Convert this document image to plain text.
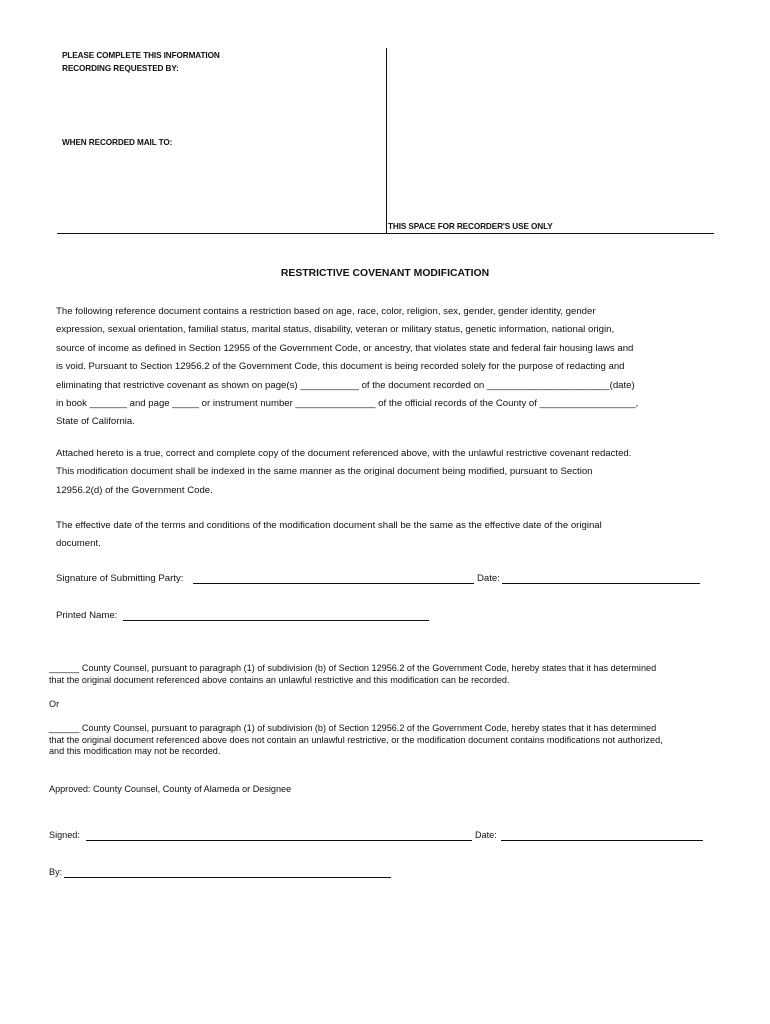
PLEASE COMPLETE THIS INFORMATION
RECORDING REQUESTED BY:
WHEN RECORDED MAIL TO:
THIS SPACE FOR RECORDER'S USE ONLY
RESTRICTIVE COVENANT MODIFICATION
The following reference document contains a restriction based on age, race, color, religion, sex, gender, gender identity, gender
expression, sexual orientation, familial status, marital status, disability, veteran or military status, genetic information, national origin,
source of income as defined in Section 12955 of the Government Code, or ancestry, that violates state and federal fair housing laws and
is void. Pursuant to Section 12956.2 of the Government Code, this document is being recorded solely for the purpose of redacting and
eliminating that restrictive covenant as shown on page(s) ___________ of the document recorded on _______________________(date)
in book _______ and page _____ or instrument number _______________ of the official records of the County of __________________,
State of California.
Attached hereto is a true, correct and complete copy of the document referenced above, with the unlawful restrictive covenant redacted.
This modification document shall be indexed in the same manner as the original document being modified, pursuant to Section
12956.2(d) of the Government Code.
The effective date of the terms and conditions of the modification document shall be the same as the effective date of the original
document.
Signature of Submitting Party:	Date:
Printed Name:
______ County Counsel, pursuant to paragraph (1) of subdivision (b) of Section 12956.2 of the Government Code, hereby states that it has determined
that the original document referenced above contains an unlawful restrictive and this modification can be recorded.
Or
______ County Counsel, pursuant to paragraph (1) of subdivision (b) of Section 12956.2 of the Government Code, hereby states that it has determined
that the original document referenced above does not contain an unlawful restrictive, or the modification document contains modifications not authorized,
and this modification may not be recorded.
Approved: County Counsel, County of Alameda or Designee
Signed:	Date:
By:
